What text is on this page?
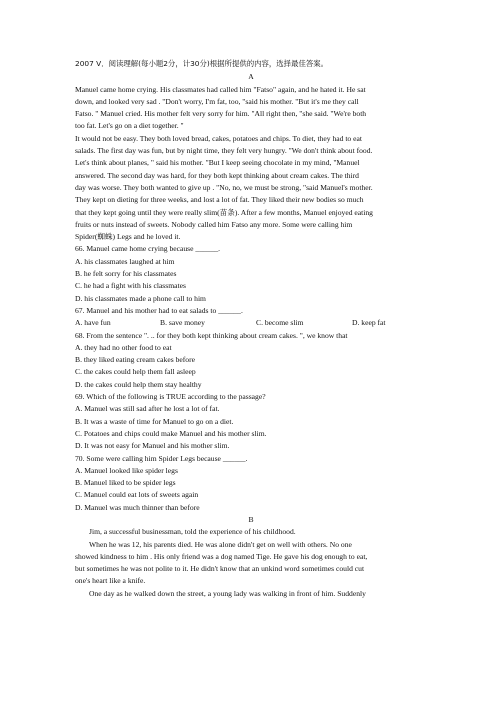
2007 V．阅读理解(每小题2分，计30分)根据所提供的内容，选择最佳答案。
A
Manuel came home crying. His classmates had called him "Fatso" again, and he hated it. He sat
down, and looked very sad . "Don't worry, I'm fat, too, "said his mother. "But it's me they call
Fatso. " Manuel cried. His mother felt very sorry for him. "All right then, "she said. "We're both
too fat. Let's go on a diet together. "
It would not be easy. They both loved bread, cakes, potatoes and chips. To diet, they had to eat
salads. The first day was fun, but by night time, they felt very hungry. "We don't think about food.
Let's think about planes, " said his mother. "But I keep seeing chocolate in my mind, "Manuel
answered. The second day was hard, for they both kept thinking about cream cakes. The third
day was worse. They both wanted to give up . "No, no, we must be strong, "said Manuel's mother.
They kept on dieting for three weeks, and lost a lot of fat. They liked their new bodies so much
that they kept going until they were really slim(苗条). After a few months, Manuel enjoyed eating
fruits or nuts instead of sweets. Nobody called him Fatso any more. Some were calling him
Spider(蜘蛛) Legs and he loved it.
66. Manuel came home crying because ______.
A. his classmates laughed at him
B. he felt sorry for his classmates
C. he had a fight with his classmates
D. his classmates made a phone call to him
67. Manuel and his mother had to eat salads to ______.
A. have fun	B. save money	C. become slim	D. keep fat
68. From the sentence ". .. for they both kept thinking about cream cakes. ", we know that
A. they had no other food to eat
B. they liked eating cream cakes before
C. the cakes could help them fall asleep
D. the cakes could help them stay healthy
69. Which of the following is TRUE according to the passage?
A. Manuel was still sad after he lost a lot of fat.
B. It was a waste of time for Manuel to go on a diet.
C. Potatoes and chips could make Manuel and his mother slim.
D. It was not easy for Manuel and his mother slim.
70. Some were calling him Spider Legs because ______.
A. Manuel looked like spider legs
B. Manuel liked to be spider legs
C. Manuel could eat lots of sweets again
D. Manuel was much thinner than before
B
Jim, a successful businessman, told the experience of his childhood.
When he was 12, his parents died. He was alone didn't get on well with others. No one
showed kindness to him . His only friend was a dog named Tige. He gave his dog enough to eat,
but sometimes he was not polite to it. He didn't know that an unkind word sometimes could cut
one's heart like a knife.
One day as he walked down the street, a young lady was walking in front of him. Suddenly
